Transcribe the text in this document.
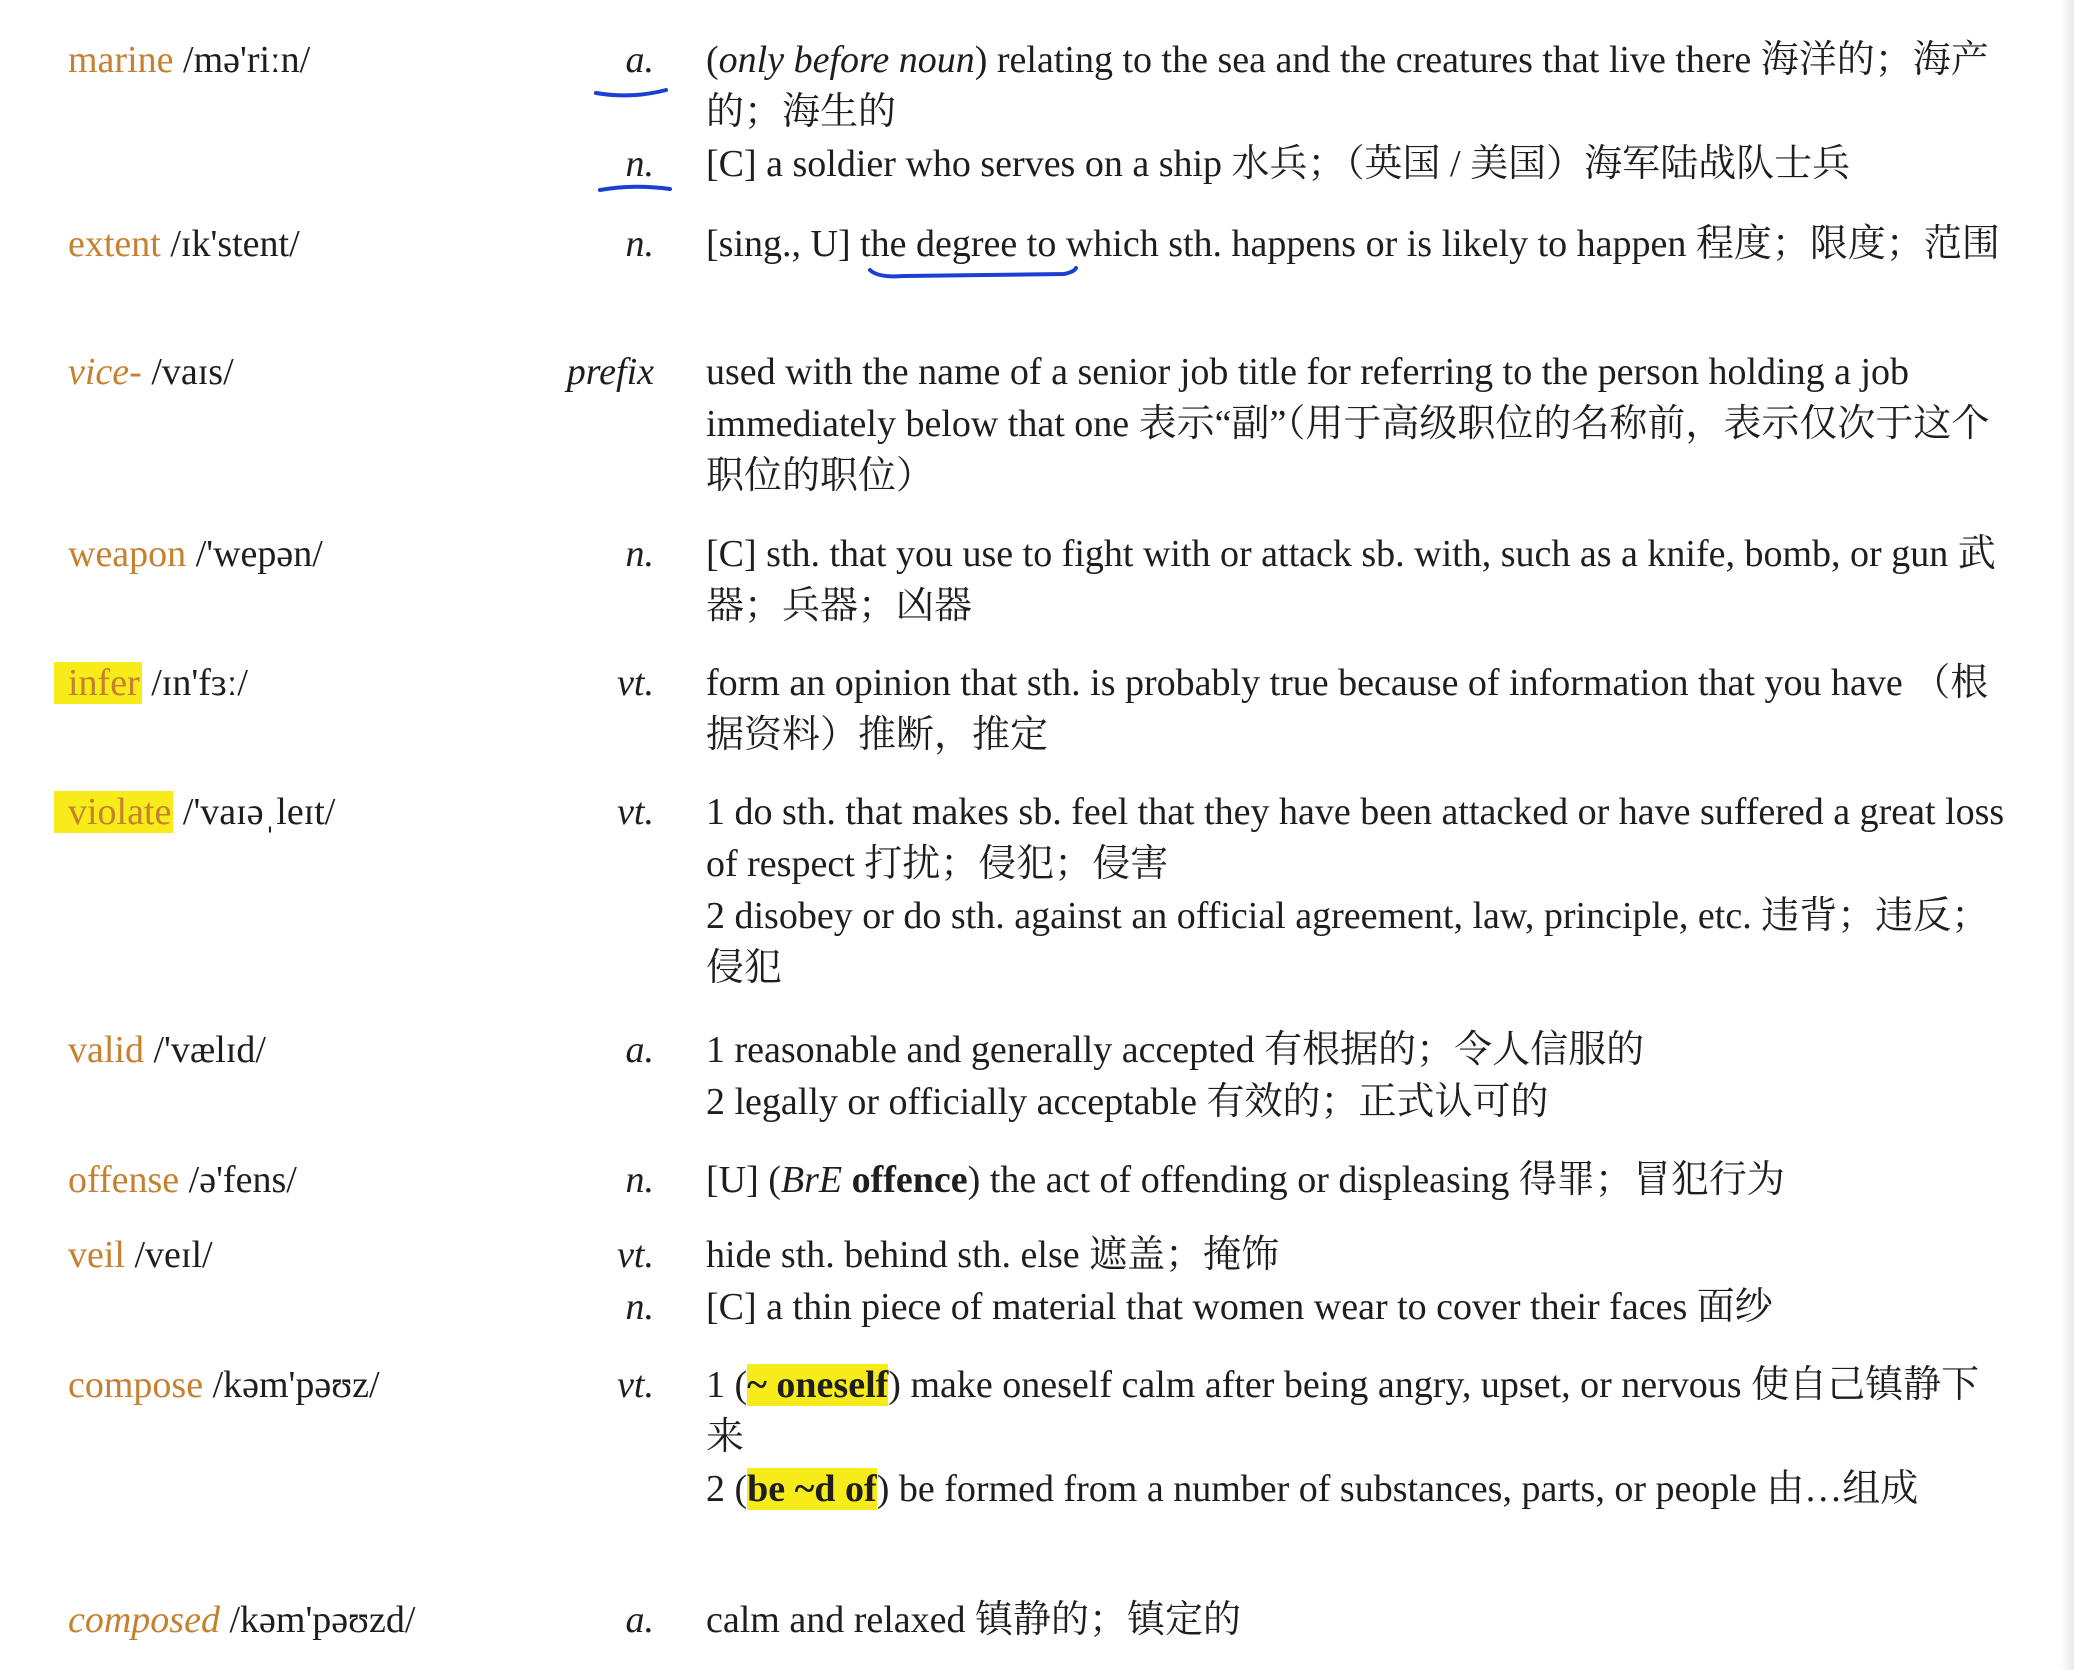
marine /mə'riːn/	a. (only before noun) relating to the sea and the creatures that live there 海洋的；海产的；海生的
n. [C] a soldier who serves on a ship 水兵；（英国 / 美国）海军陆战队士兵
extent /ɪk'stent/	n. [sing., U] the degree to which sth. happens or is likely to happen 程度；限度；范围
vice- /vaɪs/	prefix used with the name of a senior job title for referring to the person holding a job immediately below that one 表示“副”（用于高级职位的名称前，表示仅次于这个职位的职位）
weapon /'wepən/	n. [C] sth. that you use to fight with or attack sb. with, such as a knife, bomb, or gun 武器；兵器；凶器
infer /ɪn'fɜː/	vt. form an opinion that sth. is probably true because of information that you have （根据资料）推断，推定
violate /'vaɪəˌleɪt/	vt. 1 do sth. that makes sb. feel that they have been attacked or have suffered a great loss of respect 打扰；侵犯；侵害
2 disobey or do sth. against an official agreement, law, principle, etc. 违背；违反；侵犯
valid /'vælɪd/	a. 1 reasonable and generally accepted 有根据的；令人信服的
2 legally or officially acceptable 有效的；正式认可的
offense /ə'fens/	n. [U] (BrE offence) the act of offending or displeasing 得罪；冒犯行为
veil /veɪl/	vt. hide sth. behind sth. else 遮盖；掩饰
n. [C] a thin piece of material that women wear to cover their faces 面纱
compose /kəm'pəʊz/	vt. 1 (~ oneself) make oneself calm after being angry, upset, or nervous 使自己镇静下来
2 (be ~d of) be formed from a number of substances, parts, or people 由…组成
composed /kəm'pəʊzd/	a. calm and relaxed 镇静的；镇定的
